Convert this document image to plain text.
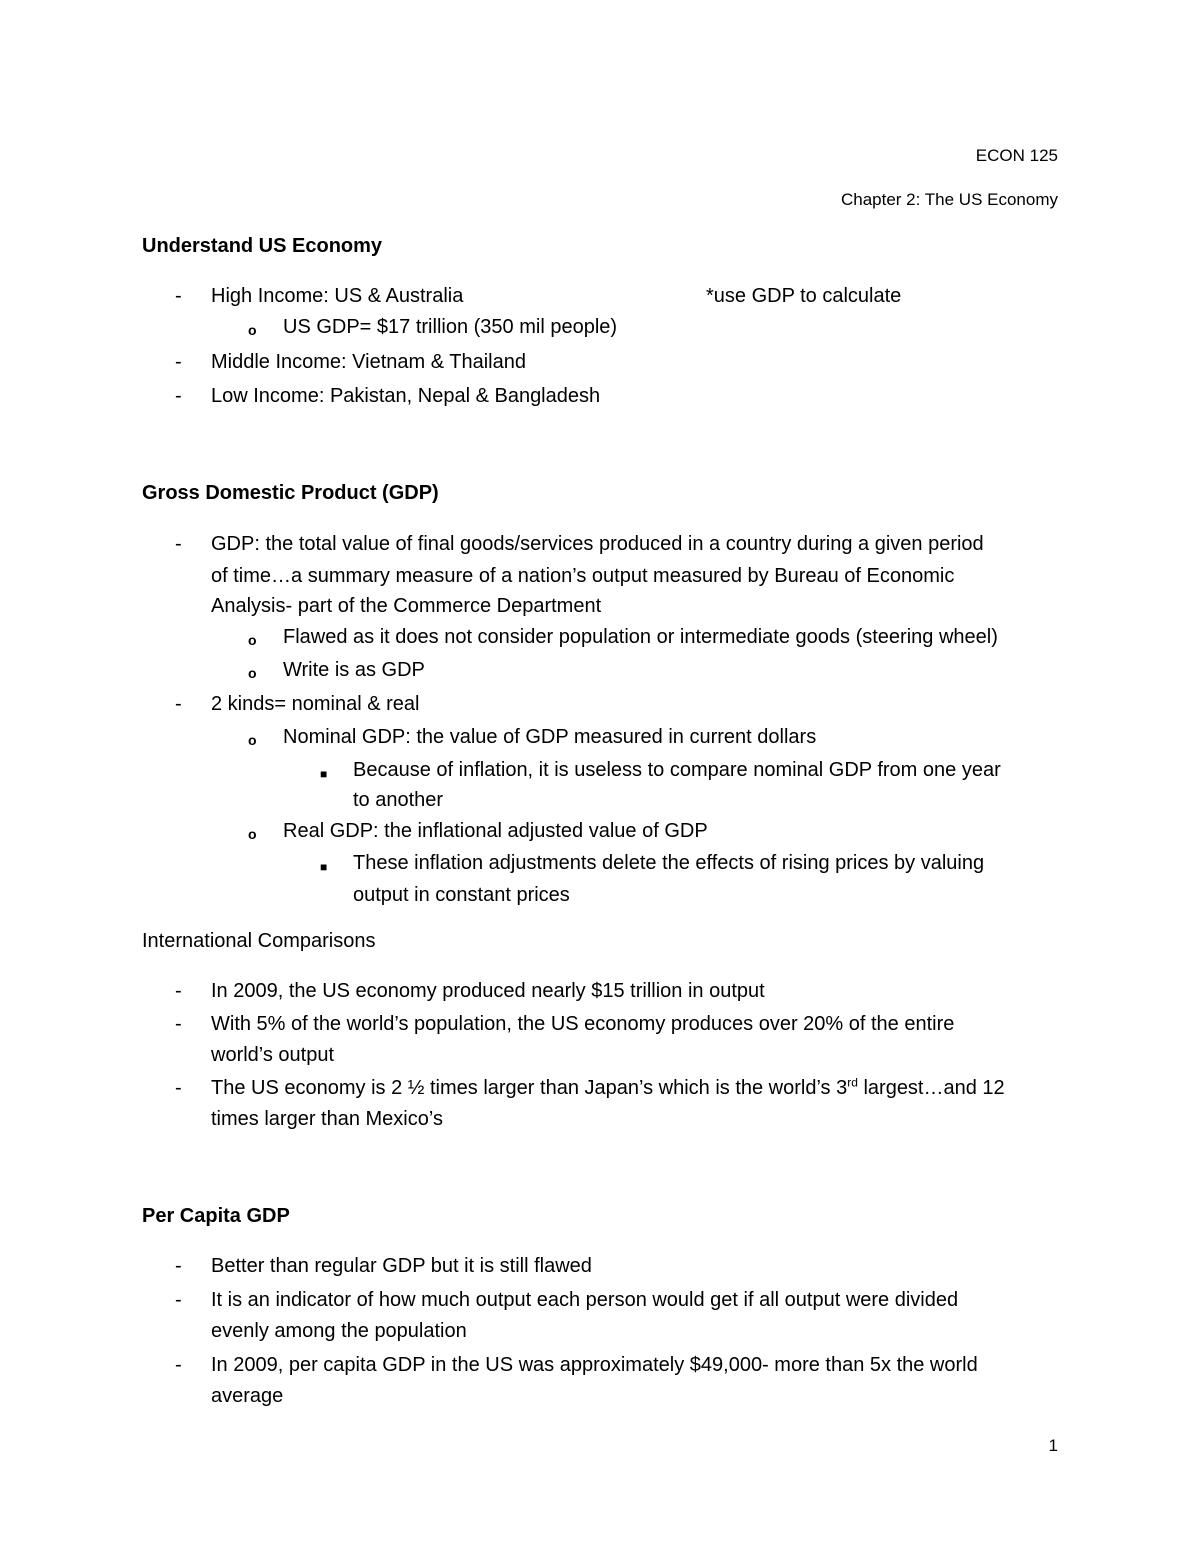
ECON 125
Chapter 2: The US Economy
Understand US Economy
- High Income: US & Australia	*use GDP to calculate
o US GDP= $17 trillion (350 mil people)
- Middle Income: Vietnam & Thailand
- Low Income: Pakistan, Nepal & Bangladesh
Gross Domestic Product (GDP)
- GDP: the total value of final goods/services produced in a country during a given period
of time…a summary measure of a nation’s output measured by Bureau of Economic
Analysis- part of the Commerce Department
o Flawed as it does not consider population or intermediate goods (steering wheel)
o Write is as GDP
- 2 kinds= nominal & real
o Nominal GDP: the value of GDP measured in current dollars
■ Because of inflation, it is useless to compare nominal GDP from one year
to another
o Real GDP: the inflational adjusted value of GDP
■ These inflation adjustments delete the effects of rising prices by valuing
output in constant prices
International Comparisons
- In 2009, the US economy produced nearly $15 trillion in output
- With 5% of the world’s population, the US economy produces over 20% of the entire
world’s output
- The US economy is 2 ½ times larger than Japan’s which is the world’s 3rd largest…and 12
times larger than Mexico’s
Per Capita GDP
- Better than regular GDP but it is still flawed
- It is an indicator of how much output each person would get if all output were divided
evenly among the population
- In 2009, per capita GDP in the US was approximately $49,000- more than 5x the world
average
1
